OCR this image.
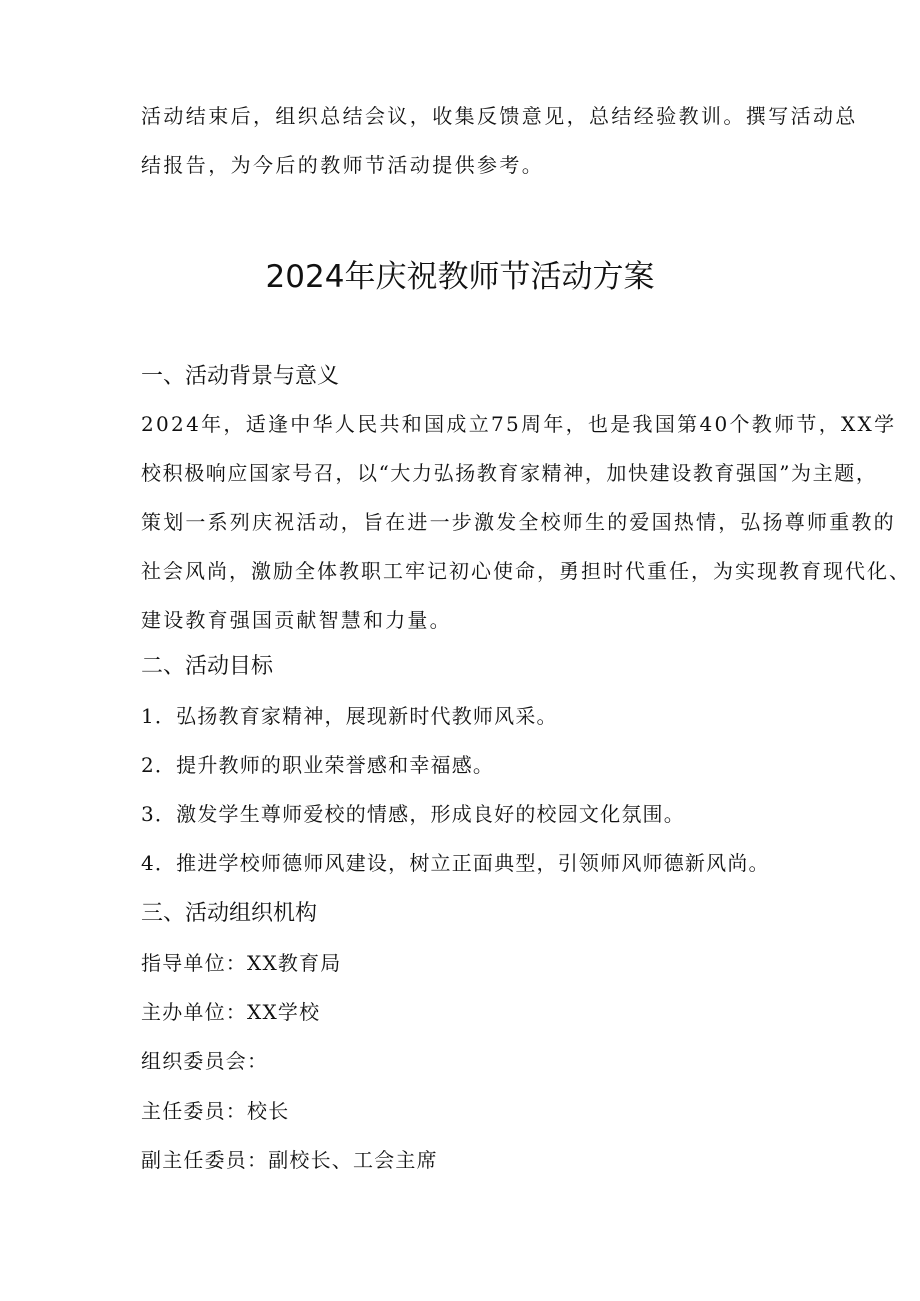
活动结束后，组织总结会议，收集反馈意见，总结经验教训。撰写活动总
结报告，为今后的教师节活动提供参考。
2024年庆祝教师节活动方案
一、活动背景与意义
2024年，适逢中华人民共和国成立75周年，也是我国第40个教师节，XX学
校积极响应国家号召，以“大力弘扬教育家精神，加快建设教育强国”为主题，
策划一系列庆祝活动，旨在进一步激发全校师生的爱国热情，弘扬尊师重教的
社会风尚，激励全体教职工牢记初心使命，勇担时代重任，为实现教育现代化、
建设教育强国贡献智慧和力量。
二、活动目标

1．弘扬教育家精神，展现新时代教师风采。

2．提升教师的职业荣誉感和幸福感。

3．激发学生尊师爱校的情感，形成良好的校园文化氛围。

4．推进学校师德师风建设，树立正面典型，引领师风师德新风尚。

三、活动组织机构

指导单位：XX教育局

主办单位：XX学校

组织委员会：

主任委员：校长

副主任委员：副校长、工会主席
